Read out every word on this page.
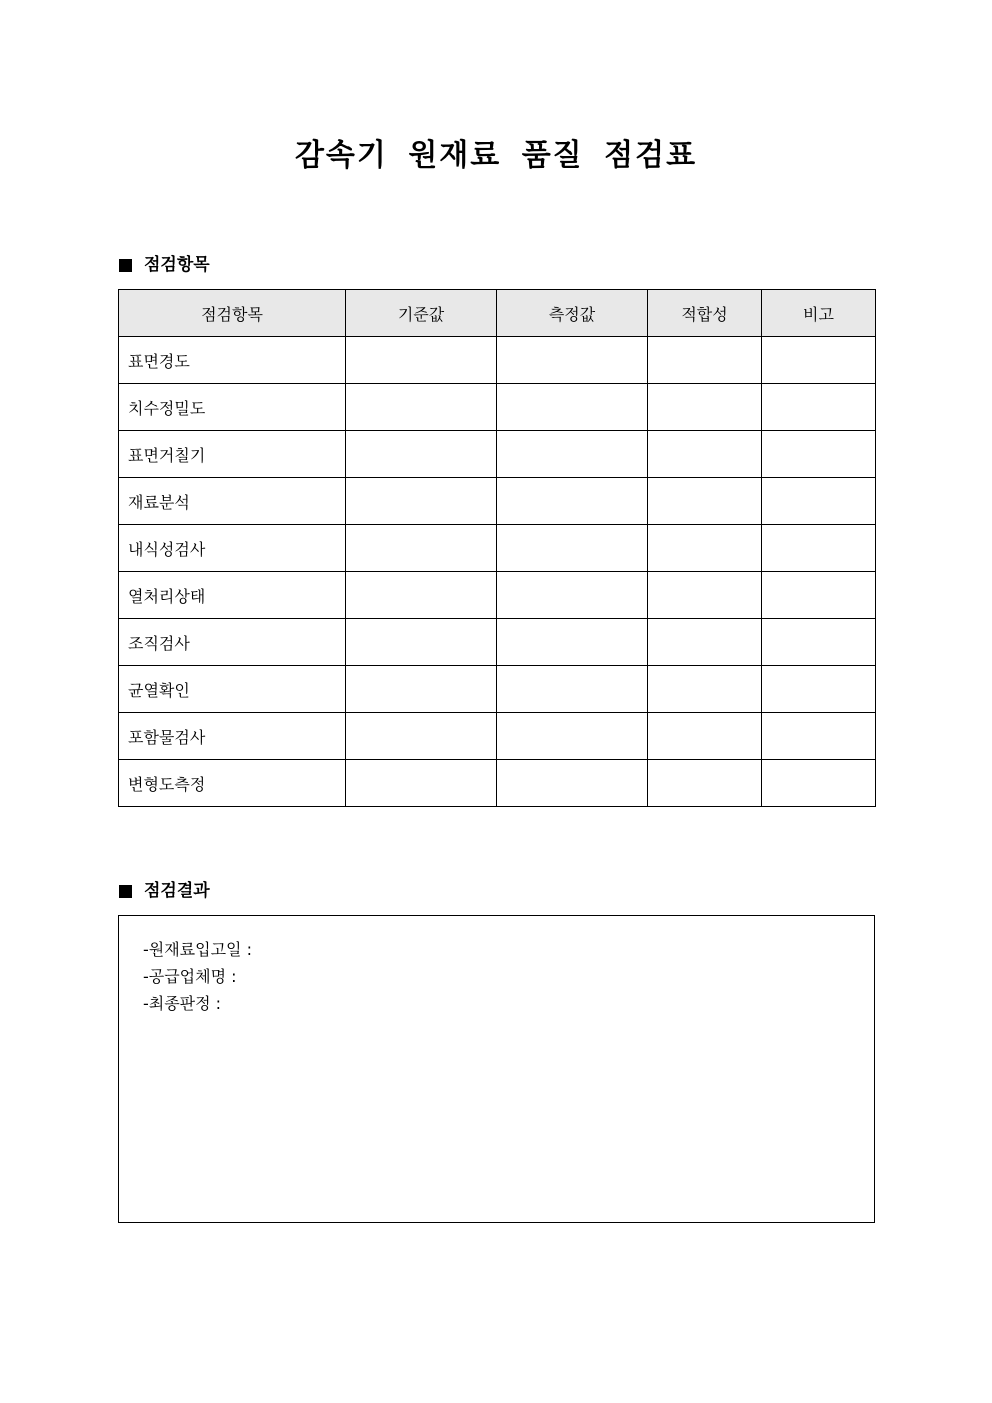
감속기 원재료 품질 점검표
점검항목
점검항목	기준값	측정값	적합성	비고
표면경도				
치수정밀도				
표면거칠기				
재료분석				
내식성검사				
열처리상태				
조직검사				
균열확인				
포함물검사				
변형도측정				
점검결과
-원재료입고일 :
-공급업체명 :
-최종판정 :
